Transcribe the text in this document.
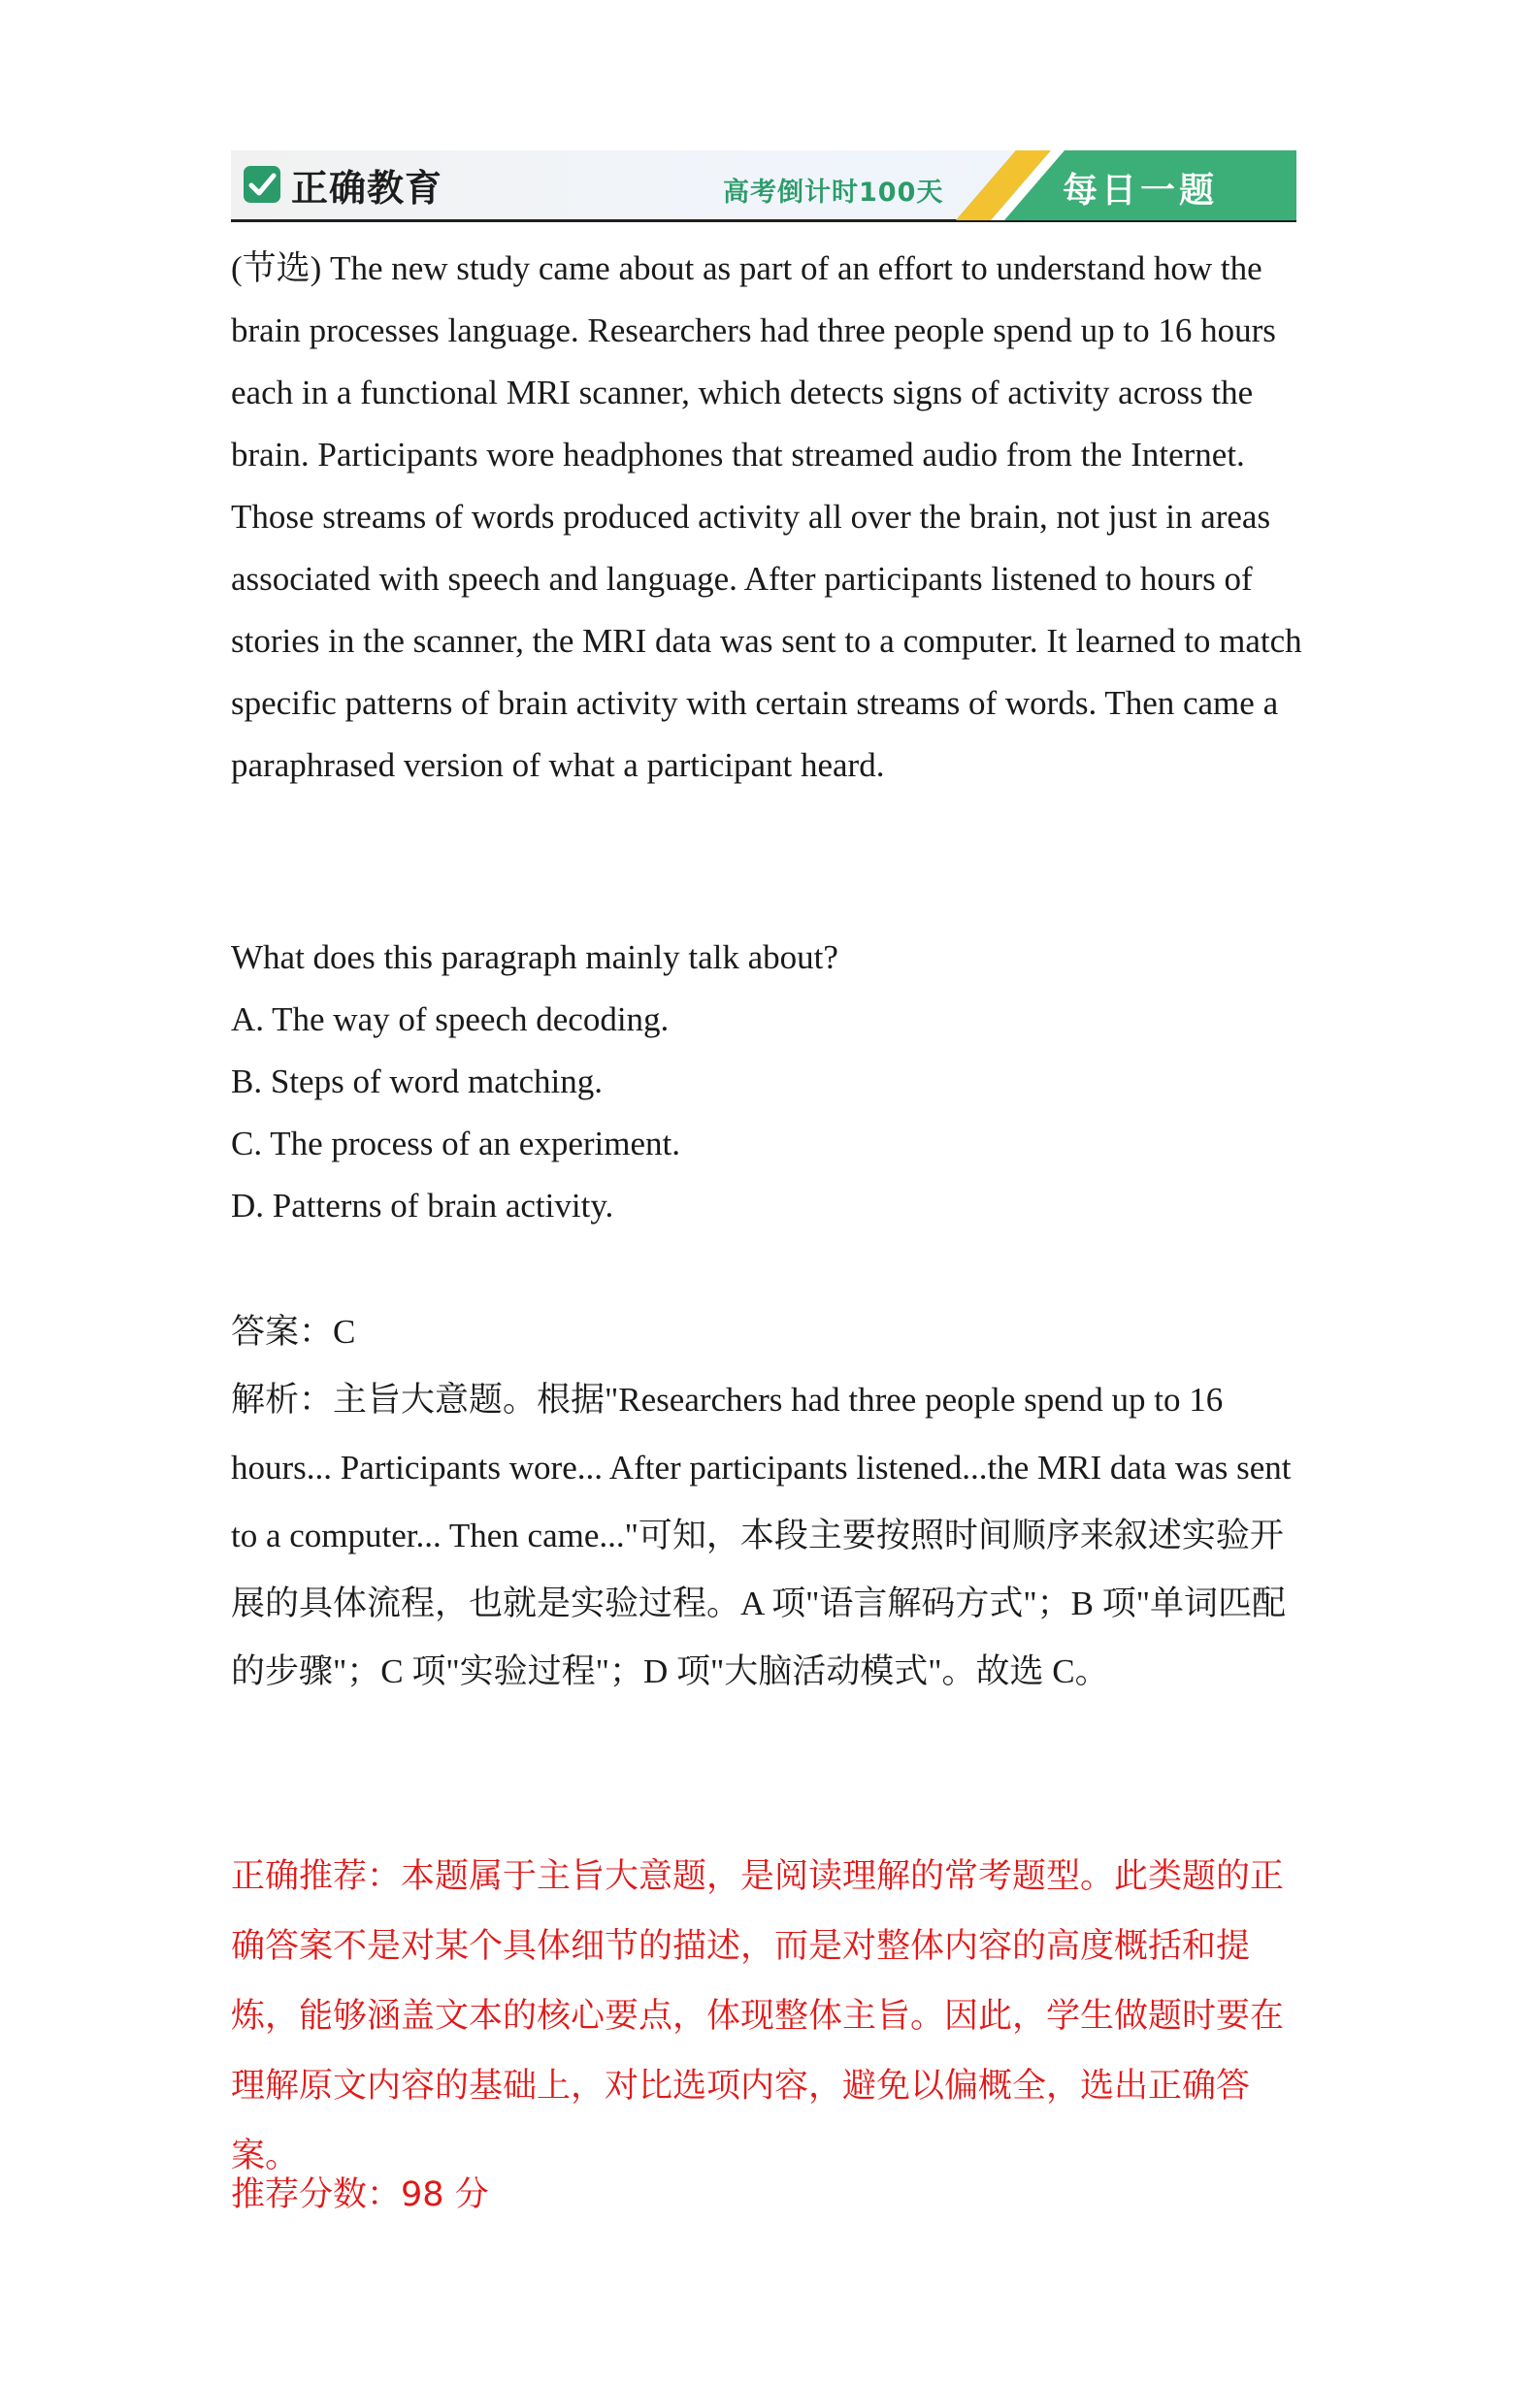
正确教育	高考倒计时100天	每日一题

(节选) The new study came about as part of an effort to understand how the brain processes language. Researchers had three people spend up to 16 hours each in a functional MRI scanner, which detects signs of activity across the brain. Participants wore headphones that streamed audio from the Internet. Those streams of words produced activity all over the brain, not just in areas associated with speech and language. After participants listened to hours of stories in the scanner, the MRI data was sent to a computer. It learned to match specific patterns of brain activity with certain streams of words. Then came a paraphrased version of what a participant heard.

What does this paragraph mainly talk about?
A. The way of speech decoding.
B. Steps of word matching.
C. The process of an experiment.
D. Patterns of brain activity.
答案：C

解析：主旨大意题。根据"Researchers had three people spend up to 16 hours... Participants wore... After participants listened...the MRI data was sent to a computer... Then came..."可知，本段主要按照时间顺序来叙述实验开展的具体流程，也就是实验过程。A 项"语言解码方式"；B 项"单词匹配的步骤"；C 项"实验过程"；D 项"大脑活动模式"。故选 C。

正确推荐：本题属于主旨大意题，是阅读理解的常考题型。此类题的正确答案不是对某个具体细节的描述，而是对整体内容的高度概括和提炼，能够涵盖文本的核心要点，体现整体主旨。因此，学生做题时要在理解原文内容的基础上，对比选项内容，避免以偏概全，选出正确答案。

推荐分数：98 分
